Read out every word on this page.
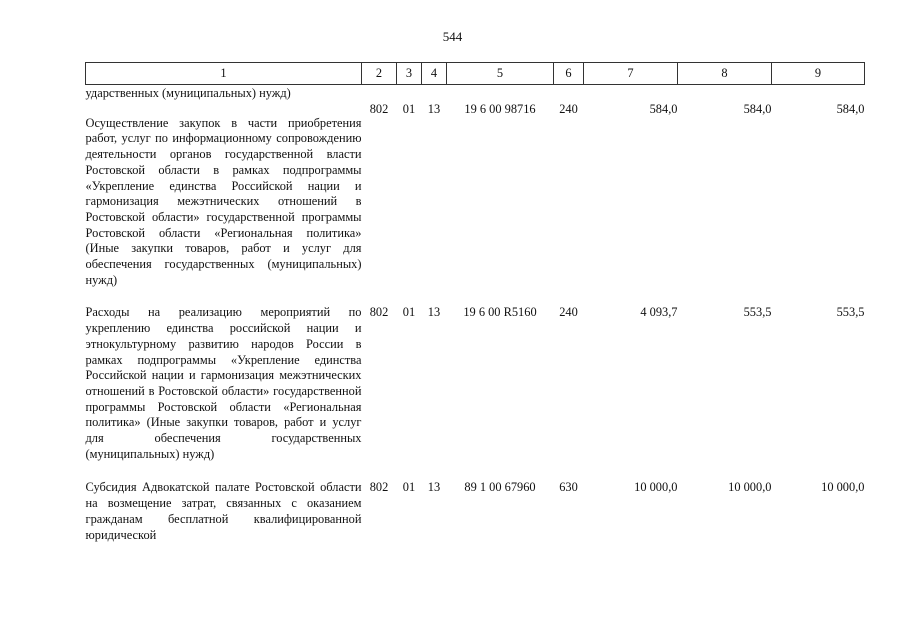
544
1	2	3	4	5	6	7	8	9
ударственных (муниципальных) нужд)								
Осуществление закупок в части приобретения работ, услуг по информационному сопровождению деятельности органов государственной власти Ростовской области в рамках подпрограммы «Укрепление единства Российской нации и гармонизация межэтнических отношений в Ростовской области» государственной программы Ростовской области «Региональная политика» (Иные закупки товаров, работ и услуг для обеспечения государственных (муниципальных) нужд)	802	01	13	19 6 00 98716	240	584,0	584,0	584,0
Расходы на реализацию мероприятий по укреплению единства российской нации и этнокультурному развитию народов России в рамках подпрограммы «Укрепление единства Российской нации и гармонизация межэтнических отношений в Ростовской области» государственной программы Ростовской области «Региональная политика» (Иные закупки товаров, работ и услуг для обеспечения государственных (муниципальных) нужд)	802	01	13	19 6 00 R5160	240	4 093,7	553,5	553,5
Субсидия Адвокатской палате Ростовской области на возмещение затрат, связанных с оказанием гражданам бесплатной квалифицированной юридической	802	01	13	89 1 00 67960	630	10 000,0	10 000,0	10 000,0
